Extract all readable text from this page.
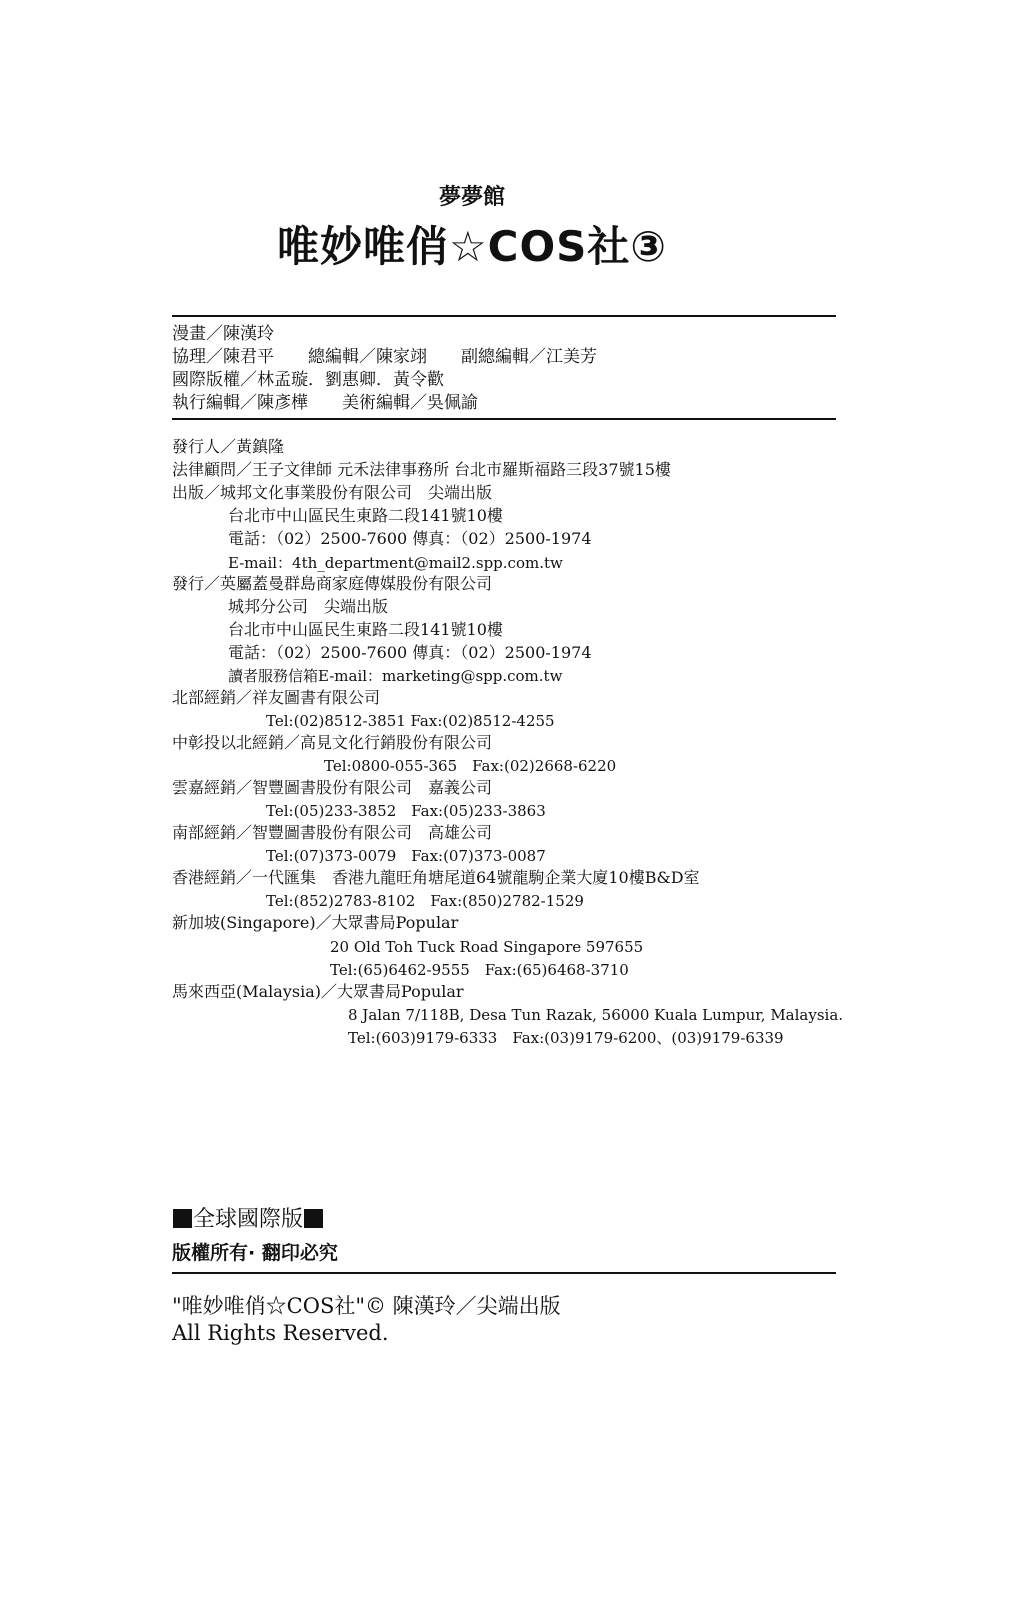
夢夢館
唯妙唯俏☆COS社③
漫畫／陳漢玲
協理／陳君平　　總編輯／陳家翊　　副總編輯／江美芳
國際版權／林孟璇．劉惠卿．黃令歡
執行編輯／陳彥樺　　美術編輯／吳佩諭
發行人／黃鎮隆
法律顧問／王子文律師 元禾法律事務所 台北市羅斯福路三段37號15樓
出版／城邦文化事業股份有限公司　尖端出版
台北市中山區民生東路二段141號10樓
電話：（02）2500-7600 傳真：（02）2500-1974
E-mail：4th_department@mail2.spp.com.tw
發行／英屬蓋曼群島商家庭傳媒股份有限公司
城邦分公司　尖端出版
台北市中山區民生東路二段141號10樓
電話：（02）2500-7600 傳真：（02）2500-1974
讀者服務信箱E-mail：marketing@spp.com.tw
北部經銷／祥友圖書有限公司
Tel:(02)8512-3851 Fax:(02)8512-4255
中彰投以北經銷／高見文化行銷股份有限公司
Tel:0800-055-365　Fax:(02)2668-6220
雲嘉經銷／智豐圖書股份有限公司　嘉義公司
Tel:(05)233-3852　Fax:(05)233-3863
南部經銷／智豐圖書股份有限公司　高雄公司
Tel:(07)373-0079　Fax:(07)373-0087
香港經銷／一代匯集　香港九龍旺角塘尾道64號龍駒企業大廈10樓B&D室
Tel:(852)2783-8102　Fax:(850)2782-1529
新加坡(Singapore)／大眾書局Popular
20 Old Toh Tuck Road Singapore 597655
Tel:(65)6462-9555　Fax:(65)6468-3710
馬來西亞(Malaysia)／大眾書局Popular
8 Jalan 7/118B, Desa Tun Razak, 56000 Kuala Lumpur, Malaysia.
Tel:(603)9179-6333　Fax:(03)9179-6200、(03)9179-6339
全球國際版
版權所有· 翻印必究
"唯妙唯俏☆COS社"© 陳漢玲／尖端出版
All Rights Reserved.
